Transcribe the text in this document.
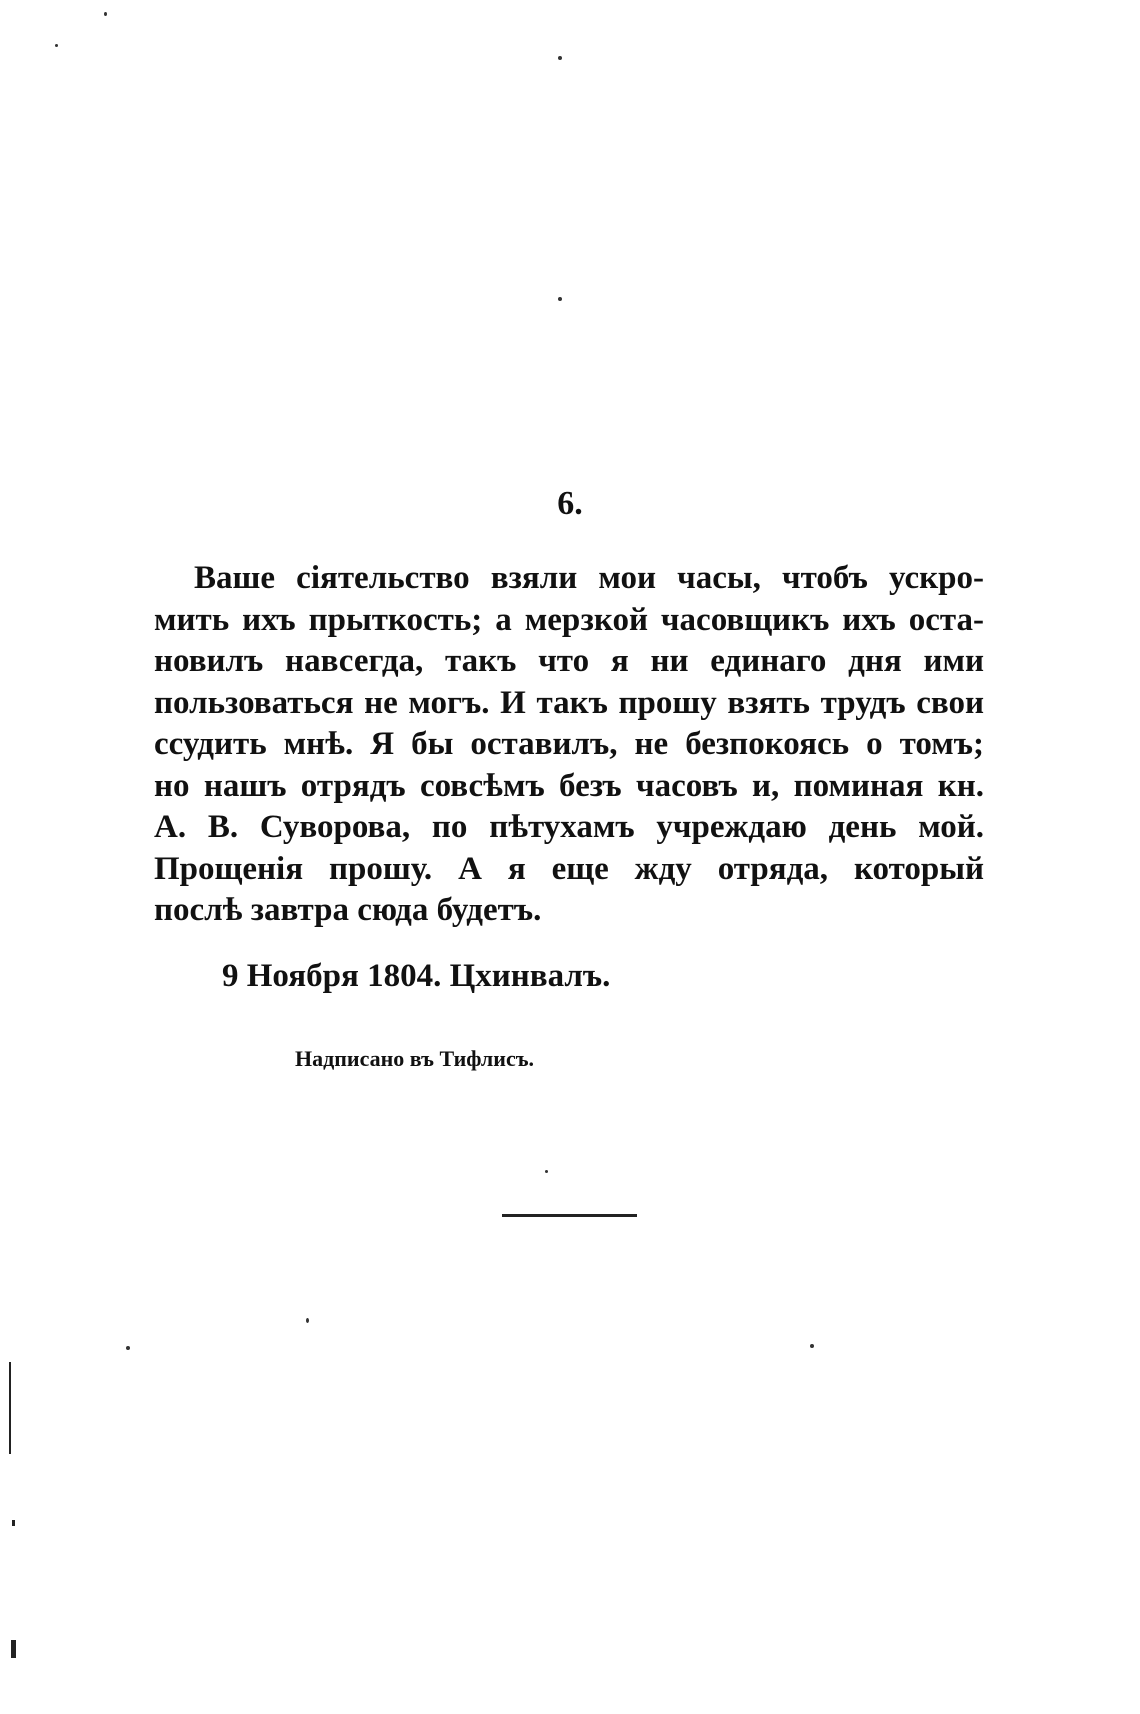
6.
Ваше сіятельство взяли мои часы, чтобъ ускро-
мить ихъ прыткость; а мерзкой часовщикъ ихъ оста-
новилъ навсегда, такъ что я ни единаго дня ими
пользоваться не могъ. И такъ прошу взять трудъ свои
ссудить мнѣ. Я бы оставилъ, не безпокоясь о томъ;
но нашъ отрядъ совсѣмъ безъ часовъ и, поминая кн.
А. В. Суворова, по пѣтухамъ учреждаю день мой.
Прощенія прошу. А я еще жду отряда, который
послѣ завтра сюда будетъ.
9 Ноября 1804. Цхинвалъ.
Надписано въ Тифлисъ.
